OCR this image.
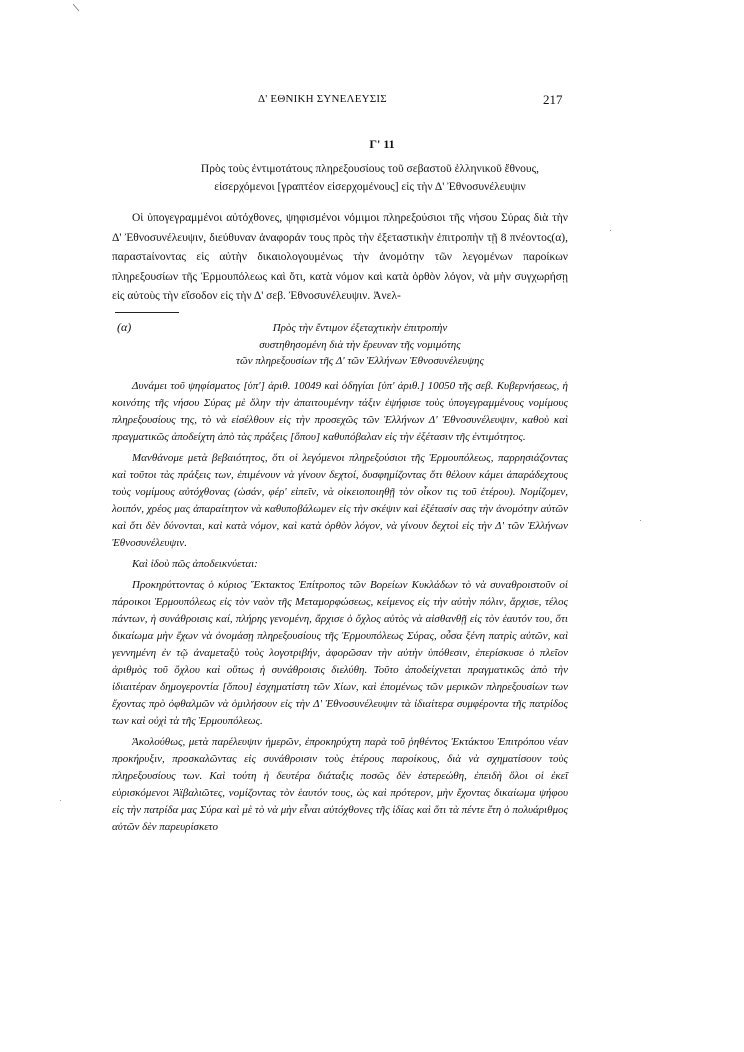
Δ' ΕΘΝΙΚΗ ΣΥΝΕΛΕΥΣΙΣ	217
Γ' 11
Πρὸς τοὺς ἐντιμοτάτους πληρεξουσίους τοῦ σεβαστοῦ ἑλληνικοῦ ἔθνους,
εἰσερχόμενοι [γραπτέον εἰσερχομένους] εἰς τὴν Δ' Ἐθνοσυνέλευψιν

Οἱ ὑπογεγραμμένοι αὐτόχθονες, ψηφισμένοι νόμιμοι πληρεξούσιοι τῆς νήσου Σύρας διὰ τὴν Δ' Ἐθνοσυνέλευψιν, διεύθυναν ἀναφοράν τους πρὸς τὴν ἐξεταστικὴν ἐπιτροπὴν τῇ 8 πνέοντος(α), παραστaίνοντας εἰς αὐτὴν δικαιολογουμένως τὴν ἀνομότην τῶν λεγομένων παροίκων πληρεξουσίων τῆς Ἑρμουπόλεως καὶ ὅτι, κατὰ νόμον καὶ κατὰ ὀρθὸν λόγον, νὰ μὴν συγχωρήσῃ εἰς αὐτοὺς τὴν εἴσοδον εἰς τὴν Δ' σεβ. Ἐθνοσυνέλευψιν. Ἀνελ-

(α)	Πρὸς τὴν ἔντιμον ἐξεταχτικὴν ἐπιτροπὴν
συστηθησομένη διὰ τὴν ἔρευναν τῆς νομιμότης
τῶν πληρεξουσίων τῆς Δ' τῶν Ἑλλήνων Ἐθνοσυνέλευψης

Δυνάμει τοῦ ψηφίσματος [ὑπ'] ἀριθ. 10049 καὶ ὁδηγίαι [ὑπ' ἀριθ.] 10050 τῆς σεβ. Κυβερνήσεως, ἡ κοινότης τῆς νήσου Σύρας μὲ ὅλην τὴν ἀπαιτουμένην τάξιν ἐψήφισε τοὺς ὑπογεγραμμένους νομίμους πληρεξουσίους της, τὸ νὰ εἰσέλθουν εἰς τὴν προσεχῶς τῶν Ἑλλήνων Δ' Ἐθνοσυνέλευψιν, καθοὺ καὶ πραγματικῶς ἀποδείχτη ἀπὸ τὰς πράξεις [ὅπου] καθυπόβαλαν εἰς τὴν ἐξέτασιν τῆς ἐντιμότητος.

Μανθάνομε μετὰ βεβαιότητος, ὅτι οἱ λεγόμενοι πληρεξούσιοι τῆς Ἑρμουπόλεως, παρρησιάζοντας καὶ τοῦτοι τὰς πράξεις των, ἐπιμένουν νὰ γίνουν δεχτοί, δυσφημίζοντας ὅτι θέλουν κάμει ἀπαράδεχτους τοὺς νομίμους αὐτόχθονας (ὡσάν, φέρ' εἰπεῖν, νὰ οἰκειοποιηθῇ τὸν οἶκον τις τοῦ ἑτέρου). Νομίζομεν, λοιπόν, χρέος μας ἀπαραίτητον νὰ καθυποβάλωμεν εἰς τὴν σκέψιν καὶ ἐξέτασίν σας τὴν ἀνομότην αὐτῶν καὶ ὅτι δὲν δύνονται, καὶ κατὰ νόμον, καὶ κατὰ ὀρθὸν λόγον, νὰ γίνουν δεχτοὶ εἰς τὴν Δ' τῶν Ἑλλήνων Ἐθνοσυνέλευψιν.

Καὶ ἰδοὺ πῶς ἀποδεικνύεται:

Προκηρύττοντας ὁ κύριος Ἔκτακτος Ἐπίτροπος τῶν Βορείων Κυκλάδων τὸ νὰ συναθροιστοῦν οἱ πάροικοι Ἑρμουπόλεως εἰς τὸν ναὸν τῆς Μεταμορφώσεως, κείμενος εἰς τὴν αὐτὴν πόλιν, ἄρχισε, τέλος πάντων, ἡ συνάθροισις καί, πλήρης γενομένη, ἄρχισε ὁ ὄχλος αὐτὸς νὰ αἰσθανθῇ εἰς τὸν ἑαυτόν του, ὅτι δικαίωμα μὴν ἔχων νὰ ὀνομάσῃ πληρεξουσίους τῆς Ἑρμουπόλεως Σύρας, οὖσα ξένη πατρὶς αὐτῶν, καὶ γεννημένη ἐν τῷ ἀναμεταξὺ τοὺς λογοτριβήν, ἀφορῶσαν τὴν αὐτὴν ὑπόθεσιν, ἐπερίσκυσε ὁ πλεῖον ἀριθμὸς τοῦ ὄχλου καὶ οὕτως ἡ συνάθροισις διελύθη. Τοῦτο ἀποδείχνεται πραγματικῶς ἀπὸ τὴν ἰδιαιτέραν δημογεροντία [ὅπου] ἐσχηματίστη τῶν Χίων, καὶ ἑπομένως τῶν μερικῶν πληρεξουσίων των ἔχοντας πρὸ ὀφθαλμῶν νὰ ὁμιλήσουν εἰς τὴν Δ' Ἐθνοσυνέλευψιν τὰ ἰδιαίτερα συμφέροντα τῆς πατρίδος των καὶ οὐχὶ τὰ τῆς Ἑρμουπόλεως.

Ἀκολούθως, μετὰ παρέλευψιν ἡμερῶν, ἐπροκηρύχτη παρὰ τοῦ ῥηθέντος Ἐκτάκτου Ἐπιτρόπου νέαν προκήρυξιν, προσκαλῶντας εἰς συνάθροισιν τοὺς ἑτέρους παροίκους, διὰ νὰ σχηματίσουν τοὺς πληρεξουσίους των. Καὶ τούτη ἡ δευτέρα διάταξις ποσῶς δὲν ἐστερεώθη, ἐπειδὴ ὅλοι οἱ ἐκεῖ εὑρισκόμενοι Ἀϊβαλιῶτες, νομίζοντας τὸν ἑαυτόν τους, ὡς καὶ πρότερον, μὴν ἔχοντας δικαίωμα ψήφου εἰς τὴν πατρίδα μας Σύρα καὶ μὲ τὸ νὰ μὴν εἶναι αὐτόχθονες τῆς ἰδίας καὶ ὅτι τὰ πέντε ἔτη ὁ πολυάριθμος αὐτῶν δὲν παρευρίσκετο
